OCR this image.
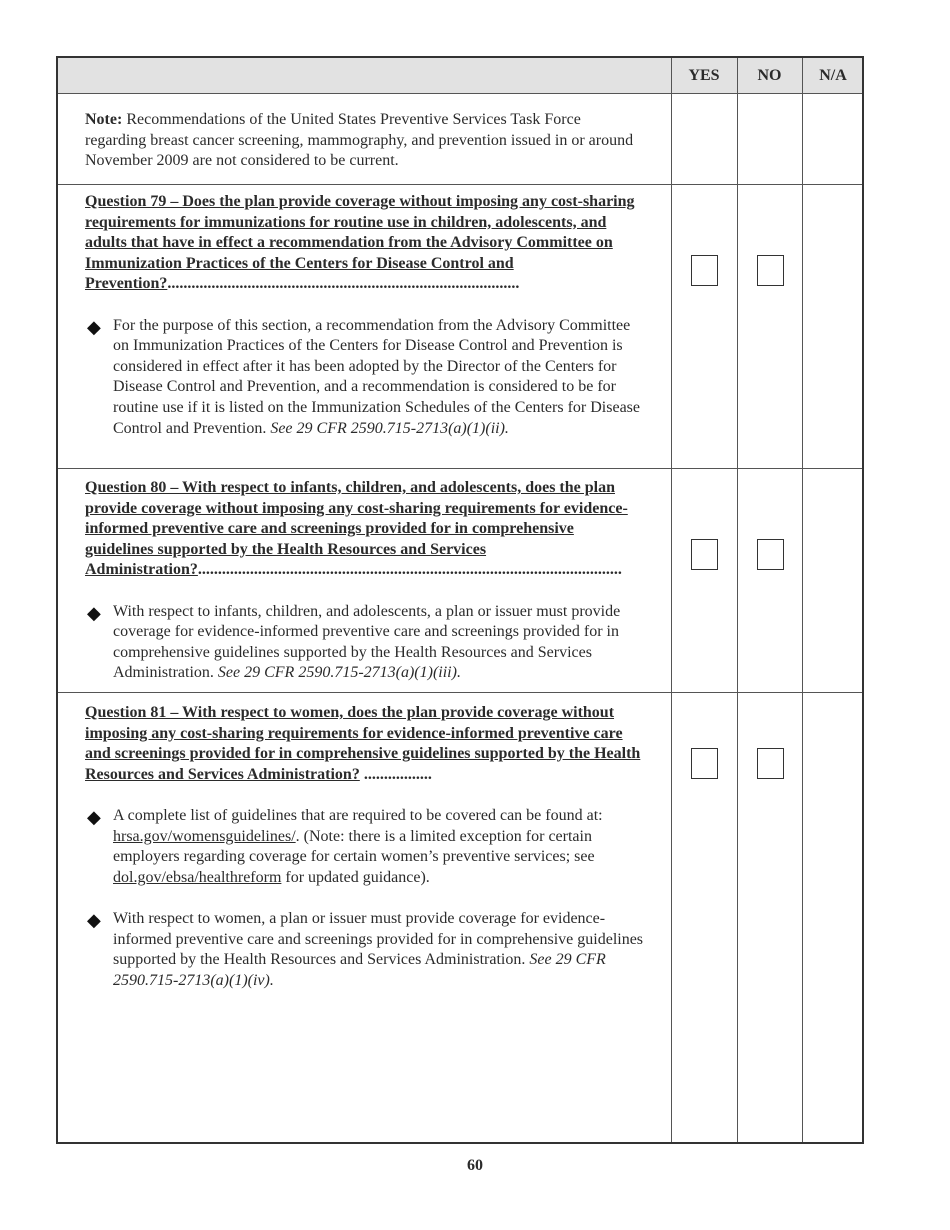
YES	NO	N/A

Note: Recommendations of the United States Preventive Services Task Force regarding breast cancer screening, mammography, and prevention issued in or around November 2009 are not considered to be current.

Question 79 – Does the plan provide coverage without imposing any cost-sharing requirements for immunizations for routine use in children, adolescents, and adults that have in effect a recommendation from the Advisory Committee on Immunization Practices of the Centers for Disease Control and Prevention?........................................................................................

◆ For the purpose of this section, a recommendation from the Advisory Committee on Immunization Practices of the Centers for Disease Control and Prevention is considered in effect after it has been adopted by the Director of the Centers for Disease Control and Prevention, and a recommendation is considered to be for routine use if it is listed on the Immunization Schedules of the Centers for Disease Control and Prevention. See 29 CFR 2590.715-2713(a)(1)(ii).

Question 80 – With respect to infants, children, and adolescents, does the plan provide coverage without imposing any cost-sharing requirements for evidence-informed preventive care and screenings provided for in comprehensive guidelines supported by the Health Resources and Services Administration?..........................................................................................................

◆ With respect to infants, children, and adolescents, a plan or issuer must provide coverage for evidence-informed preventive care and screenings provided for in comprehensive guidelines supported by the Health Resources and Services Administration. See 29 CFR 2590.715-2713(a)(1)(iii).

Question 81 – With respect to women, does the plan provide coverage without imposing any cost-sharing requirements for evidence-informed preventive care and screenings provided for in comprehensive guidelines supported by the Health Resources and Services Administration? .................

◆ A complete list of guidelines that are required to be covered can be found at: hrsa.gov/womensguidelines/. (Note: there is a limited exception for certain employers regarding coverage for certain women’s preventive services; see dol.gov/ebsa/healthreform for updated guidance).

◆ With respect to women, a plan or issuer must provide coverage for evidence-informed preventive care and screenings provided for in comprehensive guidelines supported by the Health Resources and Services Administration. See 29 CFR 2590.715-2713(a)(1)(iv).

60
